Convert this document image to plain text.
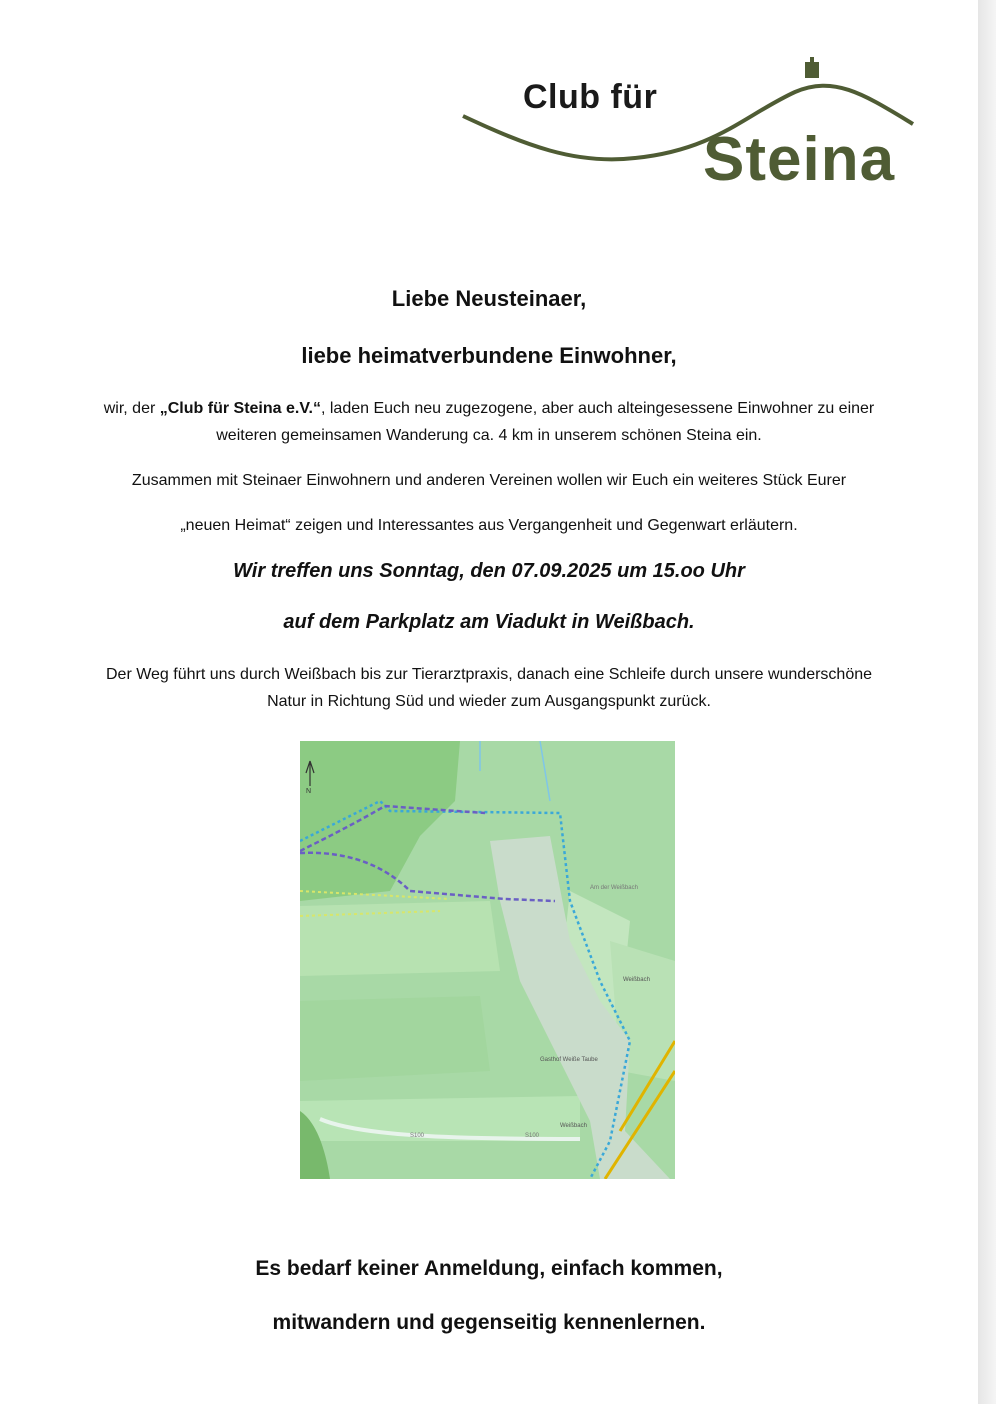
Club für
Steina
Liebe Neusteinaer,
liebe heimatverbundene Einwohner,
wir, der „Club für Steina e.V.“, laden Euch neu zugezogene, aber auch alteingesessene Einwohner zu einer
weiteren gemeinsamen Wanderung ca. 4 km in unserem schönen Steina ein.
Zusammen mit Steinaer Einwohnern und anderen Vereinen wollen wir Euch ein weiteres Stück Eurer
„neuen Heimat“ zeigen und Interessantes aus Vergangenheit und Gegenwart erläutern.
Wir treffen uns Sonntag, den 07.09.2025 um 15.oo Uhr
auf dem Parkplatz am Viadukt in Weißbach.
Der Weg führt uns durch Weißbach bis zur Tierarztpraxis, danach eine Schleife durch unsere wunderschöne
Natur in Richtung Süd und wieder zum Ausgangspunkt zurück.
N
Weißbach
Gasthof Weiße Taube
S100
Weißbach
S100
Am der Weißbach
Es bedarf keiner Anmeldung, einfach kommen,
mitwandern und gegenseitig kennenlernen.
